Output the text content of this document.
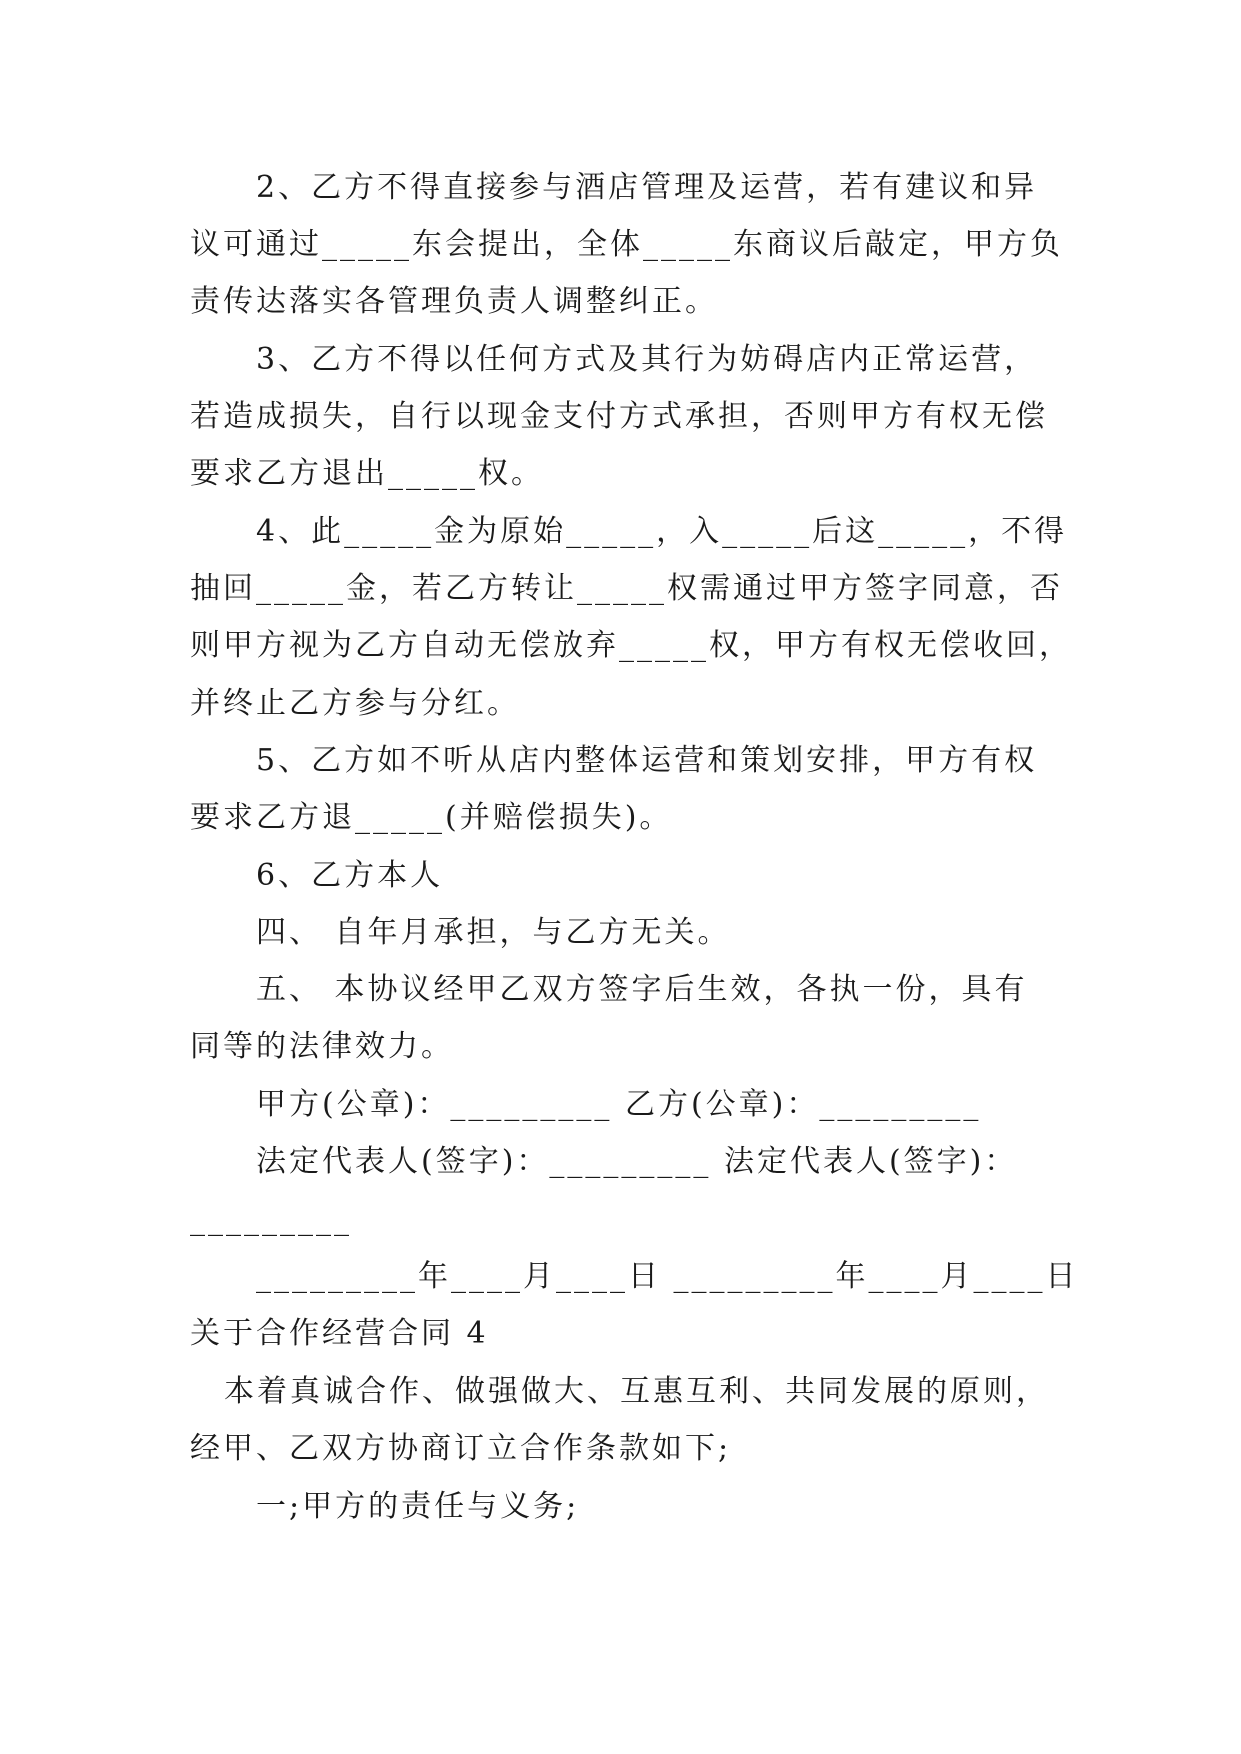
2、乙方不得直接参与酒店管理及运营，若有建议和异
议可通过_____东会提出，全体_____东商议后敲定，甲方负
责传达落实各管理负责人调整纠正。
3、乙方不得以任何方式及其行为妨碍店内正常运营，
若造成损失，自行以现金支付方式承担，否则甲方有权无偿
要求乙方退出_____权。
4、此_____金为原始_____，入_____后这_____，不得
抽回_____金，若乙方转让_____权需通过甲方签字同意，否
则甲方视为乙方自动无偿放弃_____权，甲方有权无偿收回，
并终止乙方参与分红。
5、乙方如不听从店内整体运营和策划安排，甲方有权
要求乙方退_____(并赔偿损失)。
6、乙方本人
四、 自年月承担，与乙方无关。
五、 本协议经甲乙双方签字后生效，各执一份，具有
同等的法律效力。
甲方(公章)：_________ 乙方(公章)：_________
法定代表人(签字)：_________ 法定代表人(签字)：
_________
_________年____月____日 _________年____月____日
关于合作经营合同 4
本着真诚合作、做强做大、互惠互利、共同发展的原则，
经甲、乙双方协商订立合作条款如下;
一;甲方的责任与义务;
